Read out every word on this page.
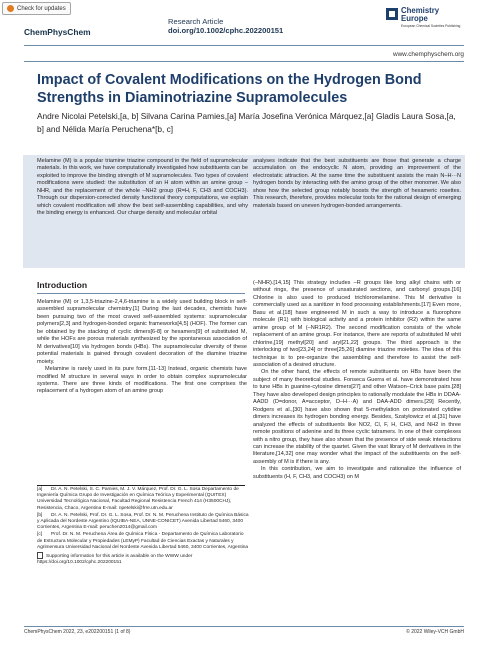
Check for updates
ChemPhysChem
Research Article
doi.org/10.1002/cphc.202200151
Chemistry
Europe
European Chemical Societies Publishing
www.chemphyschem.org
Impact of Covalent Modifications on the Hydrogen Bond Strengths in Diaminotriazine Supramolecules
Andre Nicolai Petelski,[a, b] Silvana Carina Pamies,[a] María Josefina Verónica Márquez,[a] Gladis Laura Sosa,[a, b] and Nélida María Peruchena*[b, c]
Melamine (M) is a popular triamine triazine compound in the field of supramolecular materials. In this work, we have computationally investigated how substituents can be exploited to improve the binding strength of M supramolecules. Two types of covalent modifications were studied: the substitution of an H atom within an amine group –NHR, and the replacement of the whole –NH2 group (R=H, F, CH3 and COCH3). Through our dispersion-corrected density functional theory computations, we explain which covalent modification will show the best self-assembling capabilities, and why the binding energy is enhanced. Our charge density and molecular orbital
analyses indicate that the best substituents are those that generate a charge accumulation on the endocyclic N atom, providing an improvement of the electrostatic attraction. At the same time the substituent assists the main N–H···N hydrogen bonds by interacting with the amino group of the other monomer. We also show how the selected group notably boosts the strength of hexameric rosettes. This research, therefore, provides molecular tools for the rational design of emerging materials based on uneven hydrogen-bonded arrangements.
Introduction

Melamine (M) or 1,3,5-triazine-2,4,6-triamine is a widely used building block in self-assembled supramolecular chemistry.[1] During the last decades, chemists have been pursuing two of the most craved self-assembled systems: supramolecular polymers[2,3] and hydrogen-bonded organic frameworks[4,5] (HOF). The former can be obtained by the stacking of cyclic dimers[6-8] or hexamers[9] of substituted M, while the HOFs are porous materials synthesized by the spontaneous association of M derivatives[10] via hydrogen bonds (HBs). The supramolecular diversity of these potential materials is gained through covalent decoration of the diamine triazine moiety.

Melamine is rarely used in its pure form.[11-13] Instead, organic chemists have modified M structure in several ways in order to obtain complex supramolecular systems. There are three kinds of modifications. The first one comprises the replacement of a hydrogen atom of an amine group

(–NHR).[14,15] This strategy includes –R groups like long alkyl chains with or without rings, the presence of unsaturated sections, and carbonyl groups.[16] Chlorine is also used to produced trichloromelamine. This M derivative is commercially used as a sanitizer in food processing establishments.[17] Even more, Basu et al.[18] have engineered M in such a way to introduce a fluorophore molecule (R1) with biological activity and a protein inhibitor (R2) within the same amine group of M (–NR1R2). The second modification consists of the whole replacement of an amine group. For instance, there are reports of substituted M whit chlorine,[19] methyl[20] and aryl[21,22] groups. The third approach is the interlocking of two[23,24] or three[25,26] diamine triazine moieties. The idea of this technique is to pre-organize the assembling and therefore to assist the self-association of a desired structure.

On the other hand, the effects of remote substituents on HBs have been the subject of many theoretical studies. Fonseca Guerra et al. have demonstrated how to tune HBs in guanine-cytosine dimers[27] and other Watson–Crick base pairs.[28] They have also developed design principles to rationally modulate the HBs in DDAA-AADD (D=donor, A=acceptor, D–H···A) and DAA-ADD dimers.[29] Recently, Rodgers et al.,[30] have also shown that 5-methylation on protonated cytidine dimers increases its hydrogen bonding energy. Besides, Szatyłowicz et al.[31] have analyzed the effects of substituents like NO2, Cl, F, H, CH3, and NH2 in three remote positions of adenine and its three cyclic tatramers. In one of their complexes with a nitro group, they have also shown that the presence of side weak interactions can increase the stability of the quartet. Given the vast library of M derivatives in the literature,[14,32] one may wonder what the impact of the substituents on the self-assembly of M is if there is any.

In this contribution, we aim to investigate and rationalize the influence of substituents (H, F, CH3, and COCH3) on M

[a] Dr. A. N. Petelski, S. C. Pamies, M. J. V. Márquez, Prof. Dr. G. L. Sosa Departamento de Ingeniería Química Grupo de Investigación en Química Teórica y Experimental (QUITEX) Universidad Tecnológica Nacional, Facultad Regional Resistencia French 414 (H3500CHJ), Resistencia, Chaco, Argentina E-mail: npetelski@frre.utn.edu.ar
[b] Dr. A. N. Petelski, Prof. Dr. G. L. Sosa, Prof. Dr. N. M. Peruchena Instituto de Química Básica y Aplicada del Nordeste Argentino (IQUIBA-NEA, UNNE-CONICET) Avenida Libertad 5460, 3400 Corrientes, Argentina E-mail: peruchen2014@gmail.com
[c] Prof. Dr. N. M. Peruchena Área de Química Física - Departamento de Química Laboratorio de Estructura Molecular y Propiedades (LEMyP) Facultad de Ciencias Exactas y Naturales y Agrimensura Universidad Nacional del Nordeste Avenida Libertad 5460, 3400 Corrientes, Argentina
Supporting information for this article is available on the WWW under https://doi.org/10.1002/cphc.202200151
ChemPhysChem 2022, 23, e202200151 (1 of 8)	© 2022 Wiley-VCH GmbH
